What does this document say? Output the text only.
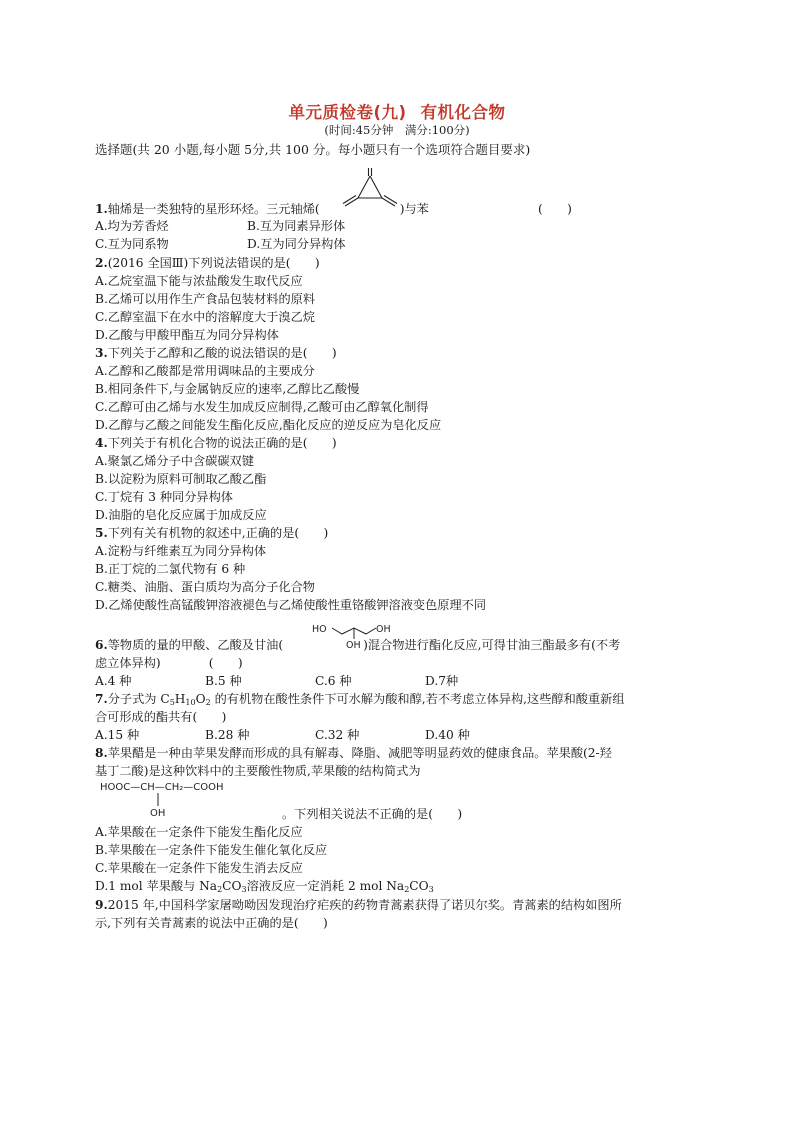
单元质检卷(九) 有机化合物
(时间:45分钟　满分:100分)
选择题(共 20 小题,每小题 5分,共 100 分。每小题只有一个选项符合题目要求)
1.轴烯是一类独特的星形环烃。三元轴烯(	)与苯	(　　)
A.均为芳香烃	B.互为同素异形体
C.互为同系物	D.互为同分异构体
2.(2016 全国Ⅲ)下列说法错误的是(　　)
A.乙烷室温下能与浓盐酸发生取代反应
B.乙烯可以用作生产食品包装材料的原料
C.乙醇室温下在水中的溶解度大于溴乙烷
D.乙酸与甲酸甲酯互为同分异构体
3.下列关于乙醇和乙酸的说法错误的是(　　)
A.乙醇和乙酸都是常用调味品的主要成分
B.相同条件下,与金属钠反应的速率,乙醇比乙酸慢
C.乙醇可由乙烯与水发生加成反应制得,乙酸可由乙醇氧化制得
D.乙醇与乙酸之间能发生酯化反应,酯化反应的逆反应为皂化反应
4.下列关于有机化合物的说法正确的是(　　)
A.聚氯乙烯分子中含碳碳双键
B.以淀粉为原料可制取乙酸乙酯
C.丁烷有 3 种同分异构体
D.油脂的皂化反应属于加成反应
5.下列有关有机物的叙述中,正确的是(　　)
A.淀粉与纤维素互为同分异构体
B.正丁烷的二氯代物有 6 种
C.糖类、油脂、蛋白质均为高分子化合物
D.乙烯使酸性高锰酸钾溶液褪色与乙烯使酸性重铬酸钾溶液变色原理不同
HO
OH
OH
6.等物质的量的甲酸、乙酸及甘油(	)混合物进行酯化反应,可得甘油三酯最多有(不考
虑立体异构)	(　　)
A.4 种	B.5 种	C.6 种	D.7种
7.分子式为 $C_5H_{10}O_2$ 的有机物在酸性条件下可水解为酸和醇,若不考虑立体异构,这些醇和酸重新组
合可形成的酯共有(　　)
A.15 种	B.28 种	C.32 种	D.40 种
8.苹果醋是一种由苹果发酵而形成的具有解毒、降脂、减肥等明显药效的健康食品。苹果酸(2-羟
基丁二酸)是这种饮料中的主要酸性物质,苹果酸的结构简式为
HOOC—CH—CH₂—COOH
OH	。下列相关说法不正确的是(　　)
A.苹果酸在一定条件下能发生酯化反应
B.苹果酸在一定条件下能发生催化氧化反应
C.苹果酸在一定条件下能发生消去反应
D.1 mol 苹果酸与 $Na_2CO_3$溶液反应一定消耗 2 mol $Na_2CO_3$
9.2015 年,中国科学家屠呦呦因发现治疗疟疾的药物青蒿素获得了诺贝尔奖。青蒿素的结构如图所
示,下列有关青蒿素的说法中正确的是(　　)
